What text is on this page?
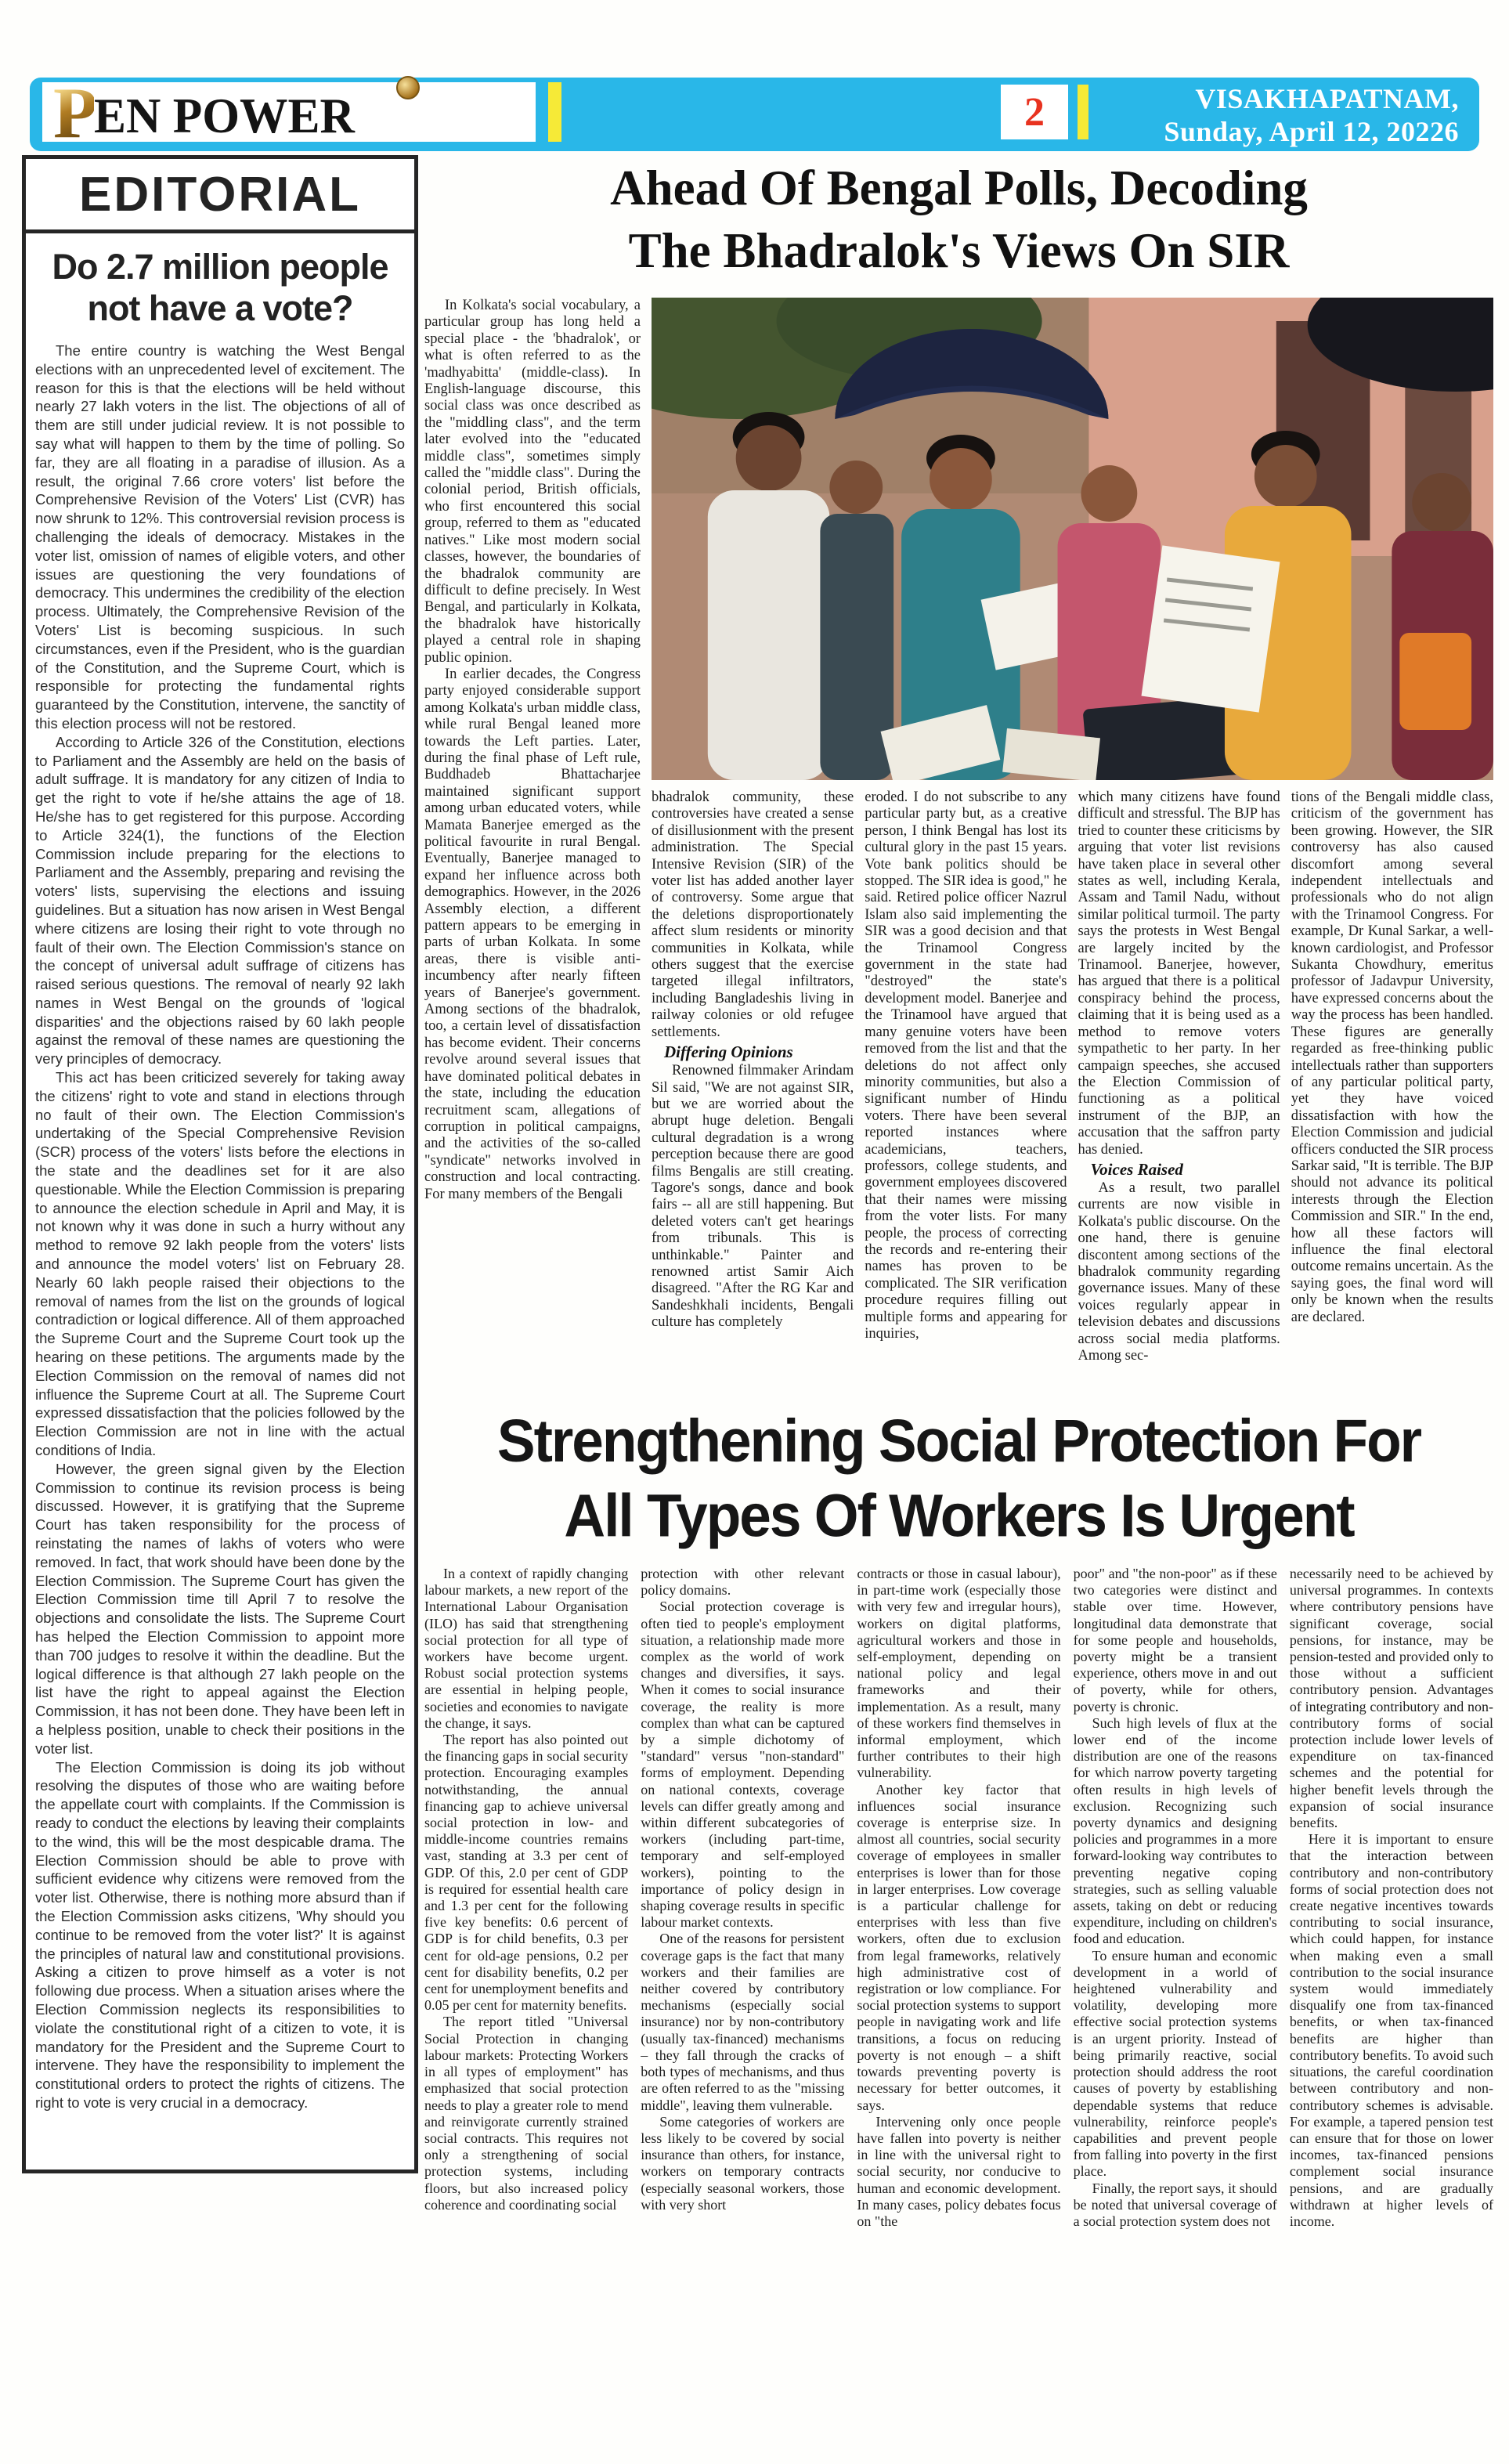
P EN POWER	2	VISAKHAPATNAM,
Sunday, April 12, 20226
EDITORIAL
Do 2.7 million people not have a vote?

The entire country is watching the West Bengal elections with an unprecedented level of excitement. The reason for this is that the elections will be held without nearly 27 lakh voters in the list. The objections of all of them are still under judicial review. It is not possible to say what will happen to them by the time of polling. So far, they are all floating in a paradise of illusion. As a result, the original 7.66 crore voters' list before the Comprehensive Revision of the Voters' List (CVR) has now shrunk to 12%. This controversial revision process is challenging the ideals of democracy. Mistakes in the voter list, omission of names of eligible voters, and other issues are questioning the very foundations of democracy. This undermines the credibility of the election process. Ultimately, the Comprehensive Revision of the Voters' List is becoming suspicious. In such circumstances, even if the President, who is the guardian of the Constitution, and the Supreme Court, which is responsible for protecting the fundamental rights guaranteed by the Constitution, intervene, the sanctity of this election process will not be restored.

According to Article 326 of the Constitution, elections to Parliament and the Assembly are held on the basis of adult suffrage. It is mandatory for any citizen of India to get the right to vote if he/she attains the age of 18. He/she has to get registered for this purpose. According to Article 324(1), the functions of the Election Commission include preparing for the elections to Parliament and the Assembly, preparing and revising the voters' lists, supervising the elections and issuing guidelines. But a situation has now arisen in West Bengal where citizens are losing their right to vote through no fault of their own. The Election Commission's stance on the concept of universal adult suffrage of citizens has raised serious questions. The removal of nearly 92 lakh names in West Bengal on the grounds of 'logical disparities' and the objections raised by 60 lakh people against the removal of these names are questioning the very principles of democracy.

This act has been criticized severely for taking away the citizens' right to vote and stand in elections through no fault of their own. The Election Commission's undertaking of the Special Comprehensive Revision (SCR) process of the voters' lists before the elections in the state and the deadlines set for it are also questionable. While the Election Commission is preparing to announce the election schedule in April and May, it is not known why it was done in such a hurry without any method to remove 92 lakh people from the voters' lists and announce the model voters' list on February 28. Nearly 60 lakh people raised their objections to the removal of names from the list on the grounds of logical contradiction or logical difference. All of them approached the Supreme Court and the Supreme Court took up the hearing on these petitions. The arguments made by the Election Commission on the removal of names did not influence the Supreme Court at all. The Supreme Court expressed dissatisfaction that the policies followed by the Election Commission are not in line with the actual conditions of India.

However, the green signal given by the Election Commission to continue its revision process is being discussed. However, it is gratifying that the Supreme Court has taken responsibility for the process of reinstating the names of lakhs of voters who were removed. In fact, that work should have been done by the Election Commission. The Supreme Court has given the Election Commission time till April 7 to resolve the objections and consolidate the lists. The Supreme Court has helped the Election Commission to appoint more than 700 judges to resolve it within the deadline. But the logical difference is that although 27 lakh people on the list have the right to appeal against the Election Commission, it has not been done. They have been left in a helpless position, unable to check their positions in the voter list.

The Election Commission is doing its job without resolving the disputes of those who are waiting before the appellate court with complaints. If the Commission is ready to conduct the elections by leaving their complaints to the wind, this will be the most despicable drama. The Election Commission should be able to prove with sufficient evidence why citizens were removed from the voter list. Otherwise, there is nothing more absurd than if the Election Commission asks citizens, 'Why should you continue to be removed from the voter list?' It is against the principles of natural law and constitutional provisions. Asking a citizen to prove himself as a voter is not following due process. When a situation arises where the Election Commission neglects its responsibilities to violate the constitutional right of a citizen to vote, it is mandatory for the President and the Supreme Court to intervene. They have the responsibility to implement the constitutional orders to protect the rights of citizens. The right to vote is very crucial in a democracy.

Ahead Of Bengal Polls, Decoding
The Bhadralok's Views On SIR

In Kolkata's social vocabulary, a particular group has long held a special place - the 'bhadralok', or what is often referred to as the 'madhyabitta' (middle-class). In English-language discourse, this social class was once described as the "middling class", and the term later evolved into the "educated middle class", sometimes simply called the "middle class". During the colonial period, British officials, who first encountered this social group, referred to them as "educated natives." Like most modern social classes, however, the boundaries of the bhadralok community are difficult to define precisely. In West Bengal, and particularly in Kolkata, the bhadralok have historically played a central role in shaping public opinion.

In earlier decades, the Congress party enjoyed considerable support among Kolkata's urban middle class, while rural Bengal leaned more towards the Left parties. Later, during the final phase of Left rule, Buddhadeb Bhattacharjee maintained significant support among urban educated voters, while Mamata Banerjee emerged as the political favourite in rural Bengal. Eventually, Banerjee managed to expand her influence across both demographics. However, in the 2026 Assembly election, a different pattern appears to be emerging in parts of urban Kolkata. In some areas, there is visible anti-incumbency after nearly fifteen years of Banerjee's government. Among sections of the bhadralok, too, a certain level of dissatisfaction has become evident. Their concerns revolve around several issues that have dominated political debates in the state, including the education recruitment scam, allegations of corruption in political campaigns, and the activities of the so-called "syndicate" networks involved in construction and local contracting. For many members of the Bengali

bhadralok community, these controversies have created a sense of disillusionment with the present administration. The Special Intensive Revision (SIR) of the voter list has added another layer of controversy. Some argue that the deletions disproportionately affect slum residents or minority communities in Kolkata, while others suggest that the exercise targeted illegal infiltrators, including Bangladeshis living in railway colonies or old refugee settlements.

Differing Opinions

Renowned filmmaker Arindam Sil said, "We are not against SIR, but we are worried about the abrupt huge deletion. Bengali cultural degradation is a wrong perception because there are good films Bengalis are still creating. Tagore's songs, dance and book fairs -- all are still happening. But deleted voters can't get hearings from tribunals. This is unthinkable." Painter and renowned artist Samir Aich disagreed. "After the RG Kar and Sandeshkhali incidents, Bengali culture has completely

eroded. I do not subscribe to any particular party but, as a creative person, I think Bengal has lost its cultural glory in the past 15 years. Vote bank politics should be stopped. The SIR idea is good," he said. Retired police officer Nazrul Islam also said implementing the SIR was a good decision and that the Trinamool Congress government in the state had "destroyed" the state's development model. Banerjee and the Trinamool have argued that many genuine voters have been removed from the list and that the deletions do not affect only minority communities, but also a significant number of Hindu voters. There have been several reported instances where academicians, teachers, professors, college students, and government employees discovered that their names were missing from the voter lists. For many people, the process of correcting the records and re-entering their names has proven to be complicated. The SIR verification procedure requires filling out multiple forms and appearing for inquiries,

which many citizens have found difficult and stressful. The BJP has tried to counter these criticisms by arguing that voter list revisions have taken place in several other states as well, including Kerala, Assam and Tamil Nadu, without similar political turmoil. The party says the protests in West Bengal are largely incited by the Trinamool. Banerjee, however, has argued that there is a political conspiracy behind the process, claiming that it is being used as a method to remove voters sympathetic to her party. In her campaign speeches, she accused the Election Commission of functioning as a political instrument of the BJP, an accusation that the saffron party has denied.

Voices Raised

As a result, two parallel currents are now visible in Kolkata's public discourse. On the one hand, there is genuine discontent among sections of the bhadralok community regarding governance issues. Many of these voices regularly appear in television debates and discussions across social media platforms. Among sec-

tions of the Bengali middle class, criticism of the government has been growing. However, the SIR controversy has also caused discomfort among several independent intellectuals and professionals who do not align with the Trinamool Congress. For example, Dr Kunal Sarkar, a well-known cardiologist, and Professor Sukanta Chowdhury, emeritus professor of Jadavpur University, have expressed concerns about the way the process has been handled. These figures are generally regarded as free-thinking public intellectuals rather than supporters of any particular political party, yet they have voiced dissatisfaction with how the Election Commission and judicial officers conducted the SIR process Sarkar said, "It is terrible. The BJP should not advance its political interests through the Election Commission and SIR." In the end, how all these factors will influence the final electoral outcome remains uncertain. As the saying goes, the final word will only be known when the results are declared.

Strengthening Social Protection For
All Types Of Workers Is Urgent

In a context of rapidly changing labour markets, a new report of the International Labour Organisation (ILO) has said that strengthening social protection for all type of workers have become urgent. Robust social protection systems are essential in helping people, societies and economies to navigate the change, it says.

The report has also pointed out the financing gaps in social security protection. Encouraging examples notwithstanding, the annual financing gap to achieve universal social protection in low- and middle-income countries remains vast, standing at 3.3 per cent of GDP. Of this, 2.0 per cent of GDP is required for essential health care and 1.3 per cent for the following five key benefits: 0.6 percent of GDP is for child benefits, 0.3 per cent for old-age pensions, 0.2 per cent for disability benefits, 0.2 per cent for unemployment benefits and 0.05 per cent for maternity benefits.

The report titled "Universal Social Protection in changing labour markets: Protecting Workers in all types of employment" has emphasized that social protection needs to play a greater role to mend and reinvigorate currently strained social contracts. This requires not only a strengthening of social protection systems, including floors, but also increased policy coherence and coordinating social

protection with other relevant policy domains.

Social protection coverage is often tied to people's employment situation, a relationship made more complex as the world of work changes and diversifies, it says. When it comes to social insurance coverage, the reality is more complex than what can be captured by a simple dichotomy of "standard" versus "non-standard" forms of employment. Depending on national contexts, coverage levels can differ greatly among and within different subcategories of workers (including part-time, temporary and self-employed workers), pointing to the importance of policy design in shaping coverage results in specific labour market contexts.

One of the reasons for persistent coverage gaps is the fact that many workers and their families are neither covered by contributory mechanisms (especially social insurance) nor by non-contributory (usually tax-financed) mechanisms – they fall through the cracks of both types of mechanisms, and thus are often referred to as the "missing middle", leaving them vulnerable.

Some categories of workers are less likely to be covered by social insurance than others, for instance, workers on temporary contracts (especially seasonal workers, those with very short

contracts or those in casual labour), in part-time work (especially those with very few and irregular hours), workers on digital platforms, agricultural workers and those in self-employment, depending on national policy and legal frameworks and their implementation. As a result, many of these workers find themselves in informal employment, which further contributes to their high vulnerability.

Another key factor that influences social insurance coverage is enterprise size. In almost all countries, social security coverage of employees in smaller enterprises is lower than for those in larger enterprises. Low coverage is a particular challenge for enterprises with less than five workers, often due to exclusion from legal frameworks, relatively high administrative cost of registration or low compliance. For social protection systems to support people in navigating work and life transitions, a focus on reducing poverty is not enough – a shift towards preventing poverty is necessary for better outcomes, it says.

Intervening only once people have fallen into poverty is neither in line with the universal right to social security, nor conducive to human and economic development. In many cases, policy debates focus on "the

poor" and "the non-poor" as if these two categories were distinct and stable over time. However, longitudinal data demonstrate that for some people and households, poverty might be a transient experience, others move in and out of poverty, while for others, poverty is chronic.

Such high levels of flux at the lower end of the income distribution are one of the reasons for which narrow poverty targeting often results in high levels of exclusion. Recognizing such poverty dynamics and designing policies and programmes in a more forward-looking way contributes to preventing negative coping strategies, such as selling valuable assets, taking on debt or reducing expenditure, including on children's food and education.

To ensure human and economic development in a world of heightened vulnerability and volatility, developing more effective social protection systems is an urgent priority. Instead of being primarily reactive, social protection should address the root causes of poverty by establishing dependable systems that reduce vulnerability, reinforce people's capabilities and prevent people from falling into poverty in the first place.

Finally, the report says, it should be noted that universal coverage of a social protection system does not

necessarily need to be achieved by universal programmes. In contexts where contributory pensions have significant coverage, social pensions, for instance, may be pension-tested and provided only to those without a sufficient contributory pension. Advantages of integrating contributory and non-contributory forms of social protection include lower levels of expenditure on tax-financed schemes and the potential for higher benefit levels through the expansion of social insurance benefits.

Here it is important to ensure that the interaction between contributory and non-contributory forms of social protection does not create negative incentives towards contributing to social insurance, which could happen, for instance when making even a small contribution to the social insurance system would immediately disqualify one from tax-financed benefits, or when tax-financed benefits are higher than contributory benefits. To avoid such situations, the careful coordination between contributory and non-contributory schemes is advisable. For example, a tapered pension test can ensure that for those on lower incomes, tax-financed pensions complement social insurance pensions, and are gradually withdrawn at higher levels of income.
